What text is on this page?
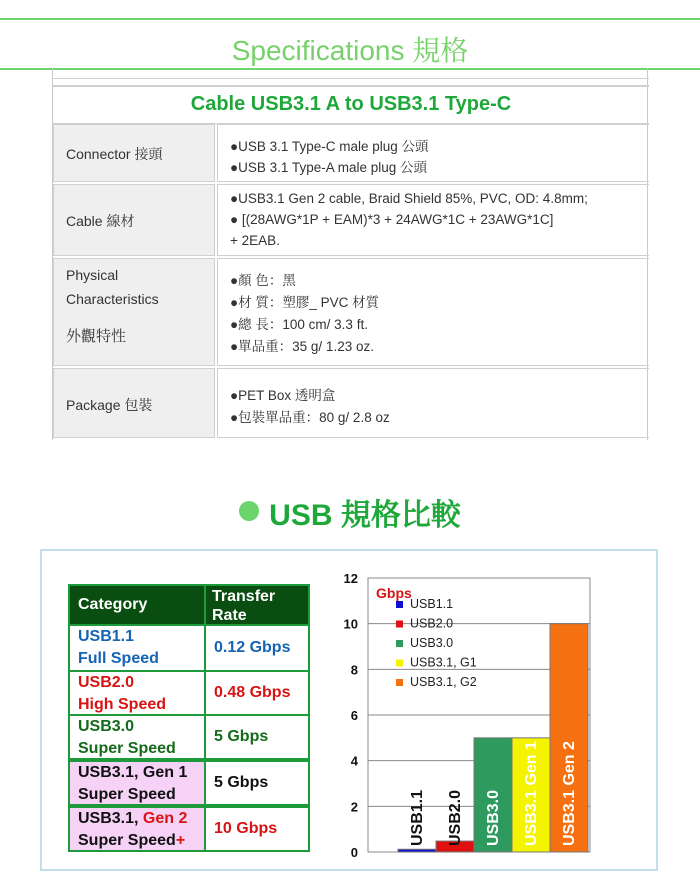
Specifications 規格
Cable USB3.1 A to USB3.1 Type-C
Connector 接頭	●USB 3.1 Type-C male plug 公頭
●USB 3.1 Type-A male plug 公頭
Cable 線材
●USB3.1 Gen 2 cable, Braid Shield 85%, PVC, OD: 4.8mm;
● [(28AWG*1P + EAM)*3 + 24AWG*1C + 23AWG*1C]
+ 2EAB.
Physical
Characteristics
外觀特性
●顏 色：黑
●材 質：塑膠_ PVC 材質
●總 長：100 cm/ 3.3 ft.
●單品重：35 g/ 1.23 oz.
Package 包裝
●PET Box 透明盒
●包裝單品重：80 g/ 2.8 oz
USB 規格比較
Category	Transfer Rate
USB1.1
Full Speed
0.12 Gbps
USB2.0
High Speed
0.48 Gbps
USB3.0
Super Speed
5 Gbps
USB3.1, Gen 1
Super Speed
5 Gbps
USB3.1, Gen 2
Super Speed+
10 Gbps
0
2
4
6
8
10
12
Gbps
USB1.1 USB2.0 USB3.0 USB3.1 Gen 1 USB3.1 Gen 2
USB1.1
USB2.0
USB3.0
USB3.1, G1
USB3.1, G2
